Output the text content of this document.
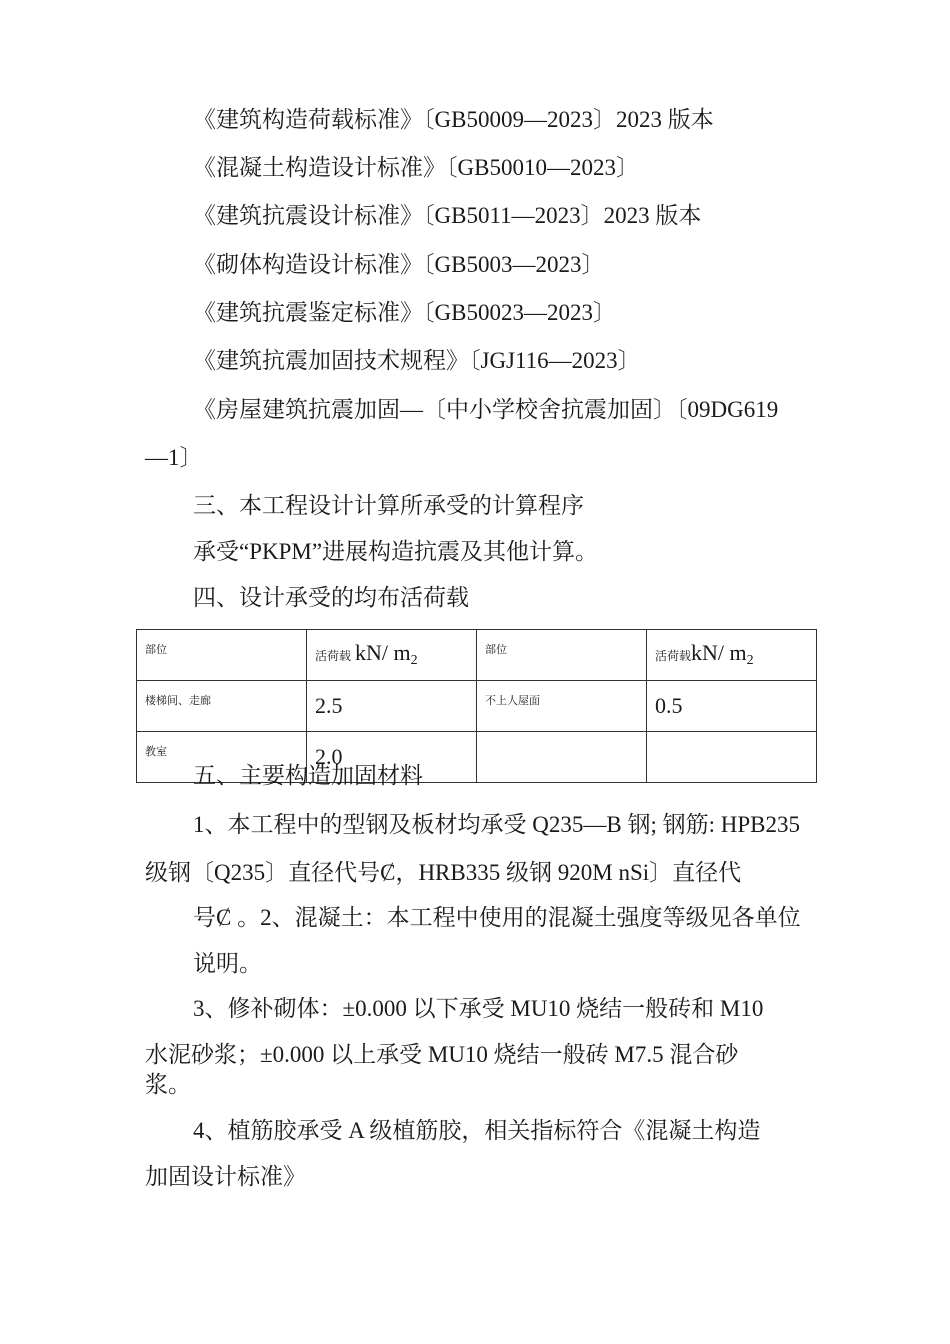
《建筑构造荷载标准》〔GB50009—2023〕2023 版本
《混凝土构造设计标准》〔GB50010—2023〕
《建筑抗震设计标准》〔GB5011—2023〕2023 版本
《砌体构造设计标准》〔GB5003—2023〕
《建筑抗震鉴定标准》〔GB50023—2023〕
《建筑抗震加固技术规程》〔JGJ116—2023〕
《房屋建筑抗震加固—〔中小学校舍抗震加固〕〔09DG619
—1〕
三、本工程设计计算所承受的计算程序
承受“PKPM”进展构造抗震及其他计算。
四、设计承受的均布活荷载
部位	活荷载 kN/ $m_2$	部位	活荷载kN/ $m_2$
楼梯间、走廊	2.5	不上人屋面	0.5
教室	2.0		
五、主要构造加固材料
1、本工程中的型钢及板材均承受 Q235—B 钢; 钢筋: HPB235
级钢〔Q235〕直径代号Ȼ，HRB335 级钢 920M nSi〕直径代
号Ȼ 。2、混凝土：本工程中使用的混凝土强度等级见各单位
说明。
3、修补砌体：±0.000 以下承受 MU10 烧结一般砖和 M10
水泥砂浆；±0.000 以上承受 MU10 烧结一般砖 M7.5 混合砂
浆。
4、植筋胶承受 A 级植筋胶，相关指标符合《混凝土构造
加固设计标准》
